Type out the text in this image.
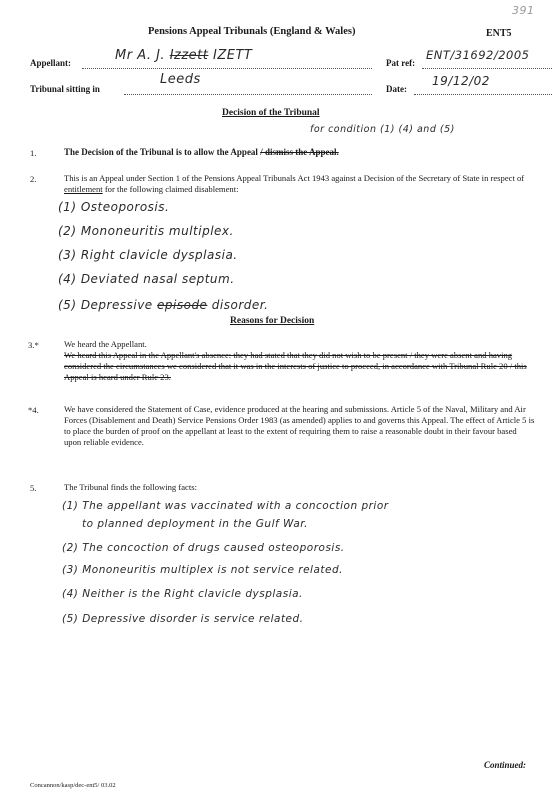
391
Pensions Appeal Tribunals (England & Wales)	ENT5
Appellant:	Mr A. J. Izzett IZETT	Pat ref:
ENT/31692/2005
Tribunal sitting in
Leeds
Date:
19/12/02
Decision of the Tribunal
for condition (1) (4) and (5)
1.	The Decision of the Tribunal is to allow the Appeal / dismiss the Appeal.
2.	This is an Appeal under Section 1 of the Pensions Appeal Tribunals Act 1943 against a Decision of the Secretary of State in respect of entitlement for the following claimed disablement:
(1) Osteoporosis.
(2) Mononeuritis multiplex.
(3) Right clavicle dysplasia.
(4) Deviated nasal septum.
(5) Depressive episode disorder.
Reasons for Decision
3.*	We heard the Appellant.
We heard this Appeal in the Appellant's absence: they had stated that they did not wish to be present / they were absent and having considered the circumstances we considered that it was in the interests of justice to proceed, in accordance with Tribunal Rule 20 / this Appeal is heard under Rule 23.
*4.	We have considered the Statement of Case, evidence produced at the hearing and submissions. Article 5 of the Naval, Military and Air Forces (Disablement and Death) Service Pensions Order 1983 (as amended) applies to and governs this Appeal. The effect of Article 5 is to place the burden of proof on the appellant at least to the extent of requiring them to raise a reasonable doubt in their favour based upon reliable evidence.
5.	The Tribunal finds the following facts:
(1) The appellant was vaccinated with a concoction prior
to planned deployment in the Gulf War.
(2) The concoction of drugs caused osteoporosis.
(3) Mononeuritis multiplex is not service related.
(4) Neither is the Right clavicle dysplasia.
(5) Depressive disorder is service related.
Continued:
Concannon/kasp/dec-ent5/ 03.02
